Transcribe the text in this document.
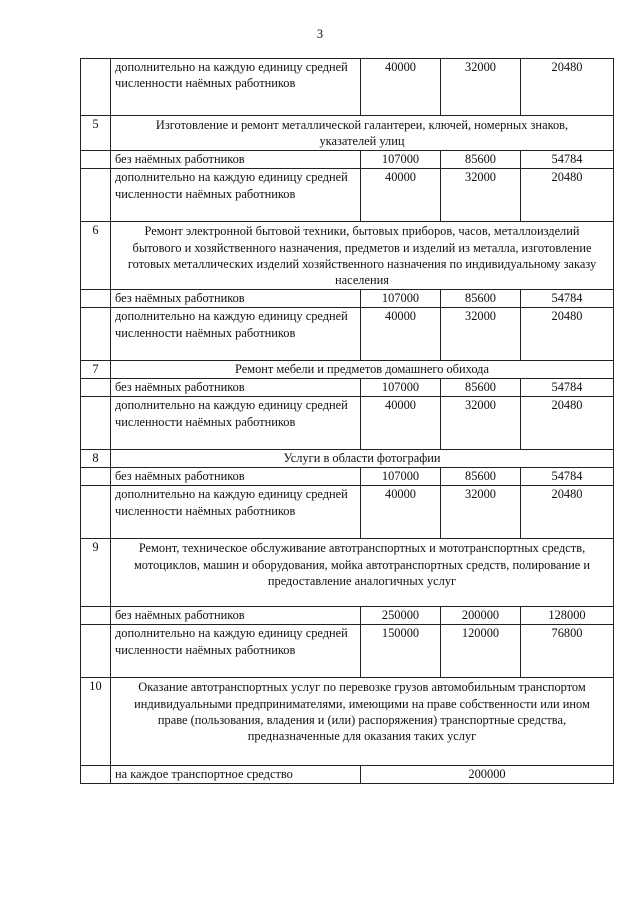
3
	дополнительно на каждую единицу средней численности наёмных работников	40000	32000	20480
5	Изготовление и ремонт металлической галантереи, ключей, номерных знаков, указателей улиц			
	без наёмных работников	107000	85600	54784
	дополнительно на каждую единицу средней численности наёмных работников	40000	32000	20480
6	Ремонт электронной бытовой техники, бытовых приборов, часов, металлоизделий бытового и хозяйственного назначения, предметов и изделий из металла, изготовление готовых металлических изделий хозяйственного назначения по индивидуальному заказу населения			
	без наёмных работников	107000	85600	54784
	дополнительно на каждую единицу средней численности наёмных работников	40000	32000	20480
7	Ремонт мебели и предметов домашнего обихода			
	без наёмных работников	107000	85600	54784
	дополнительно на каждую единицу средней численности наёмных работников	40000	32000	20480
8	Услуги в области фотографии			
	без наёмных работников	107000	85600	54784
	дополнительно на каждую единицу средней численности наёмных работников	40000	32000	20480
9	Ремонт, техническое обслуживание автотранспортных и мототранспортных средств, мотоциклов, машин и оборудования, мойка автотранспортных средств, полирование и предоставление аналогичных услуг			
	без наёмных работников	250000	200000	128000
	дополнительно на каждую единицу средней численности наёмных работников	150000	120000	76800
10	Оказание автотранспортных услуг по перевозке грузов автомобильным транспортом индивидуальными предпринимателями, имеющими на праве собственности или ином праве (пользования, владения и (или) распоряжения) транспортные средства, предназначенные для оказания таких услуг			
	на каждое транспортное средство	200000		
